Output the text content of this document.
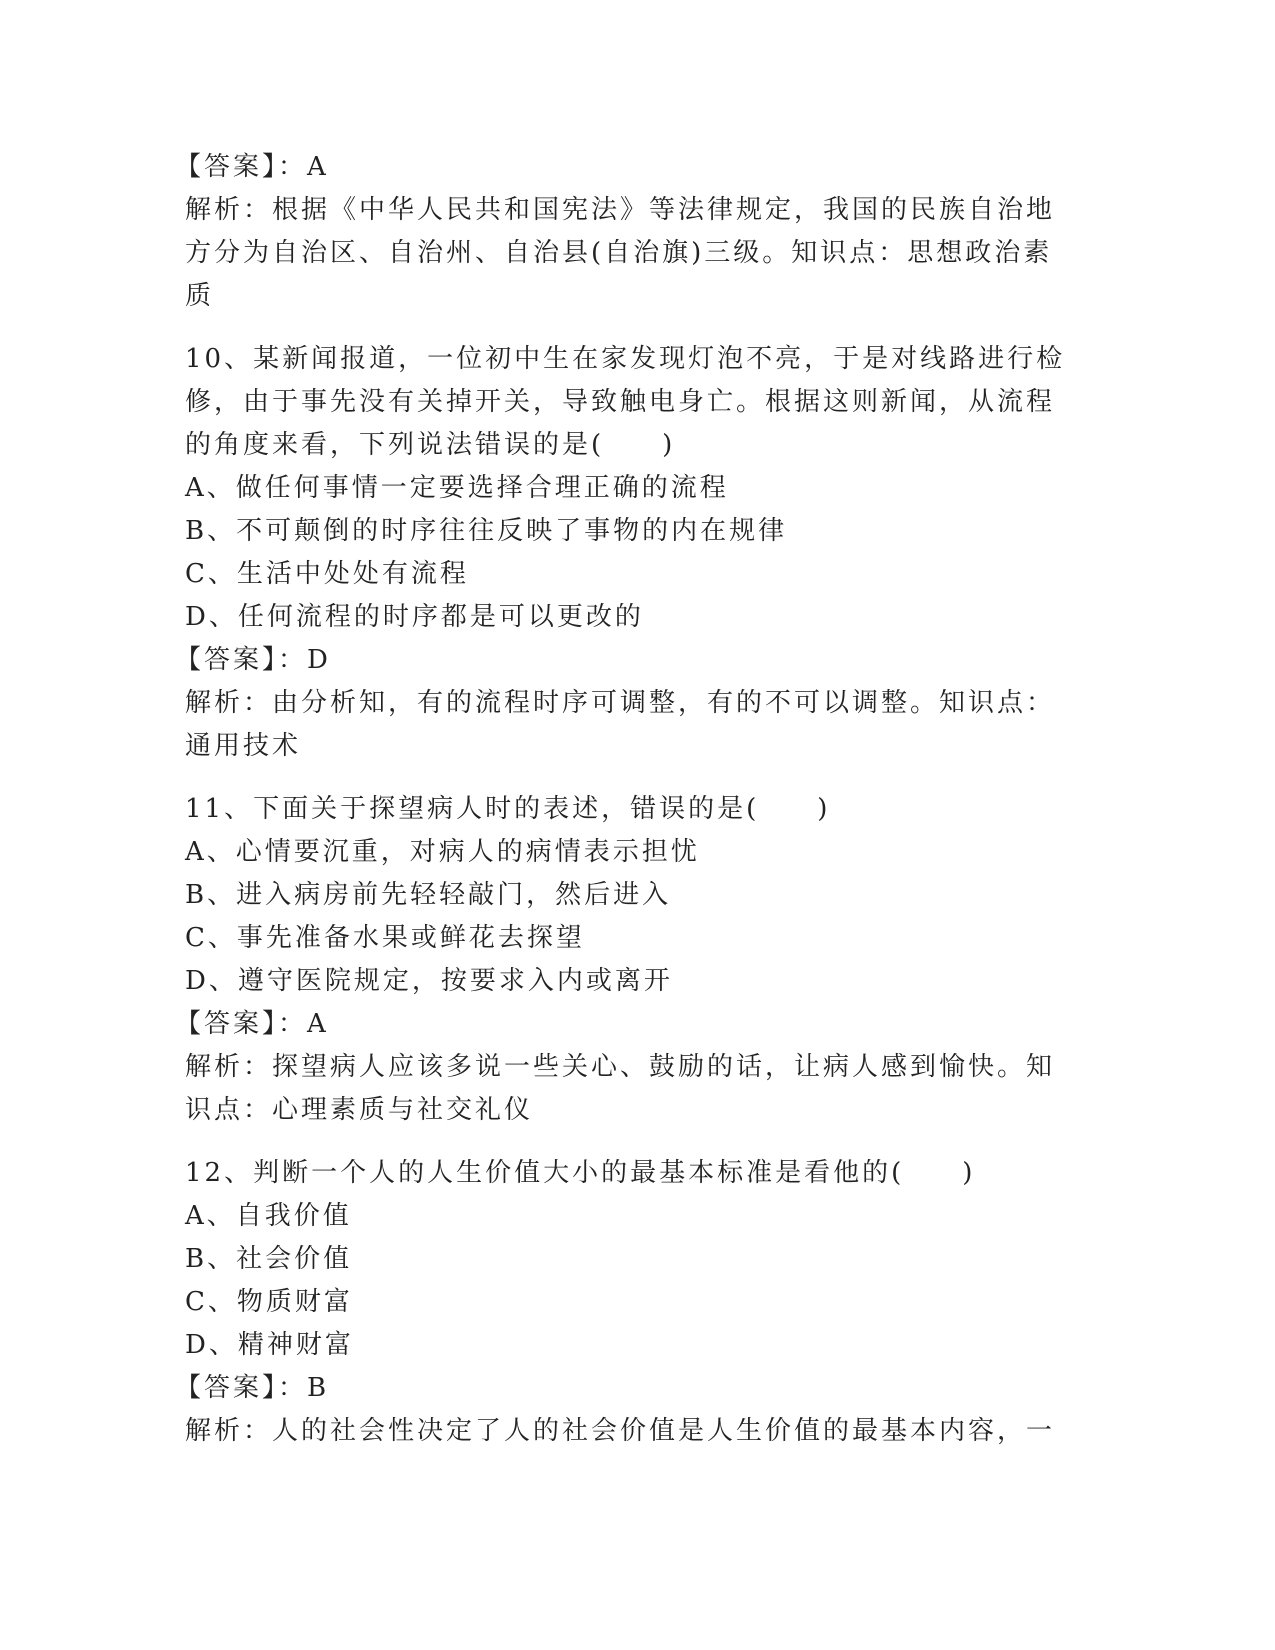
【答案】：A
解析：根据《中华人民共和国宪法》等法律规定，我国的民族自治地
方分为自治区、自治州、自治县(自治旗)三级。知识点：思想政治素
质
10、某新闻报道，一位初中生在家发现灯泡不亮，于是对线路进行检
修，由于事先没有关掉开关，导致触电身亡。根据这则新闻，从流程
的角度来看，下列说法错误的是(　　)
A、做任何事情一定要选择合理正确的流程
B、不可颠倒的时序往往反映了事物的内在规律
C、生活中处处有流程
D、任何流程的时序都是可以更改的
【答案】：D
解析：由分析知，有的流程时序可调整，有的不可以调整。知识点：
通用技术
11、下面关于探望病人时的表述，错误的是(　　)
A、心情要沉重，对病人的病情表示担忧
B、进入病房前先轻轻敲门，然后进入
C、事先准备水果或鲜花去探望
D、遵守医院规定，按要求入内或离开
【答案】：A
解析：探望病人应该多说一些关心、鼓励的话，让病人感到愉快。知
识点：心理素质与社交礼仪
12、判断一个人的人生价值大小的最基本标准是看他的(　　)
A、自我价值
B、社会价值
C、物质财富
D、精神财富
【答案】：B
解析：人的社会性决定了人的社会价值是人生价值的最基本内容，一
